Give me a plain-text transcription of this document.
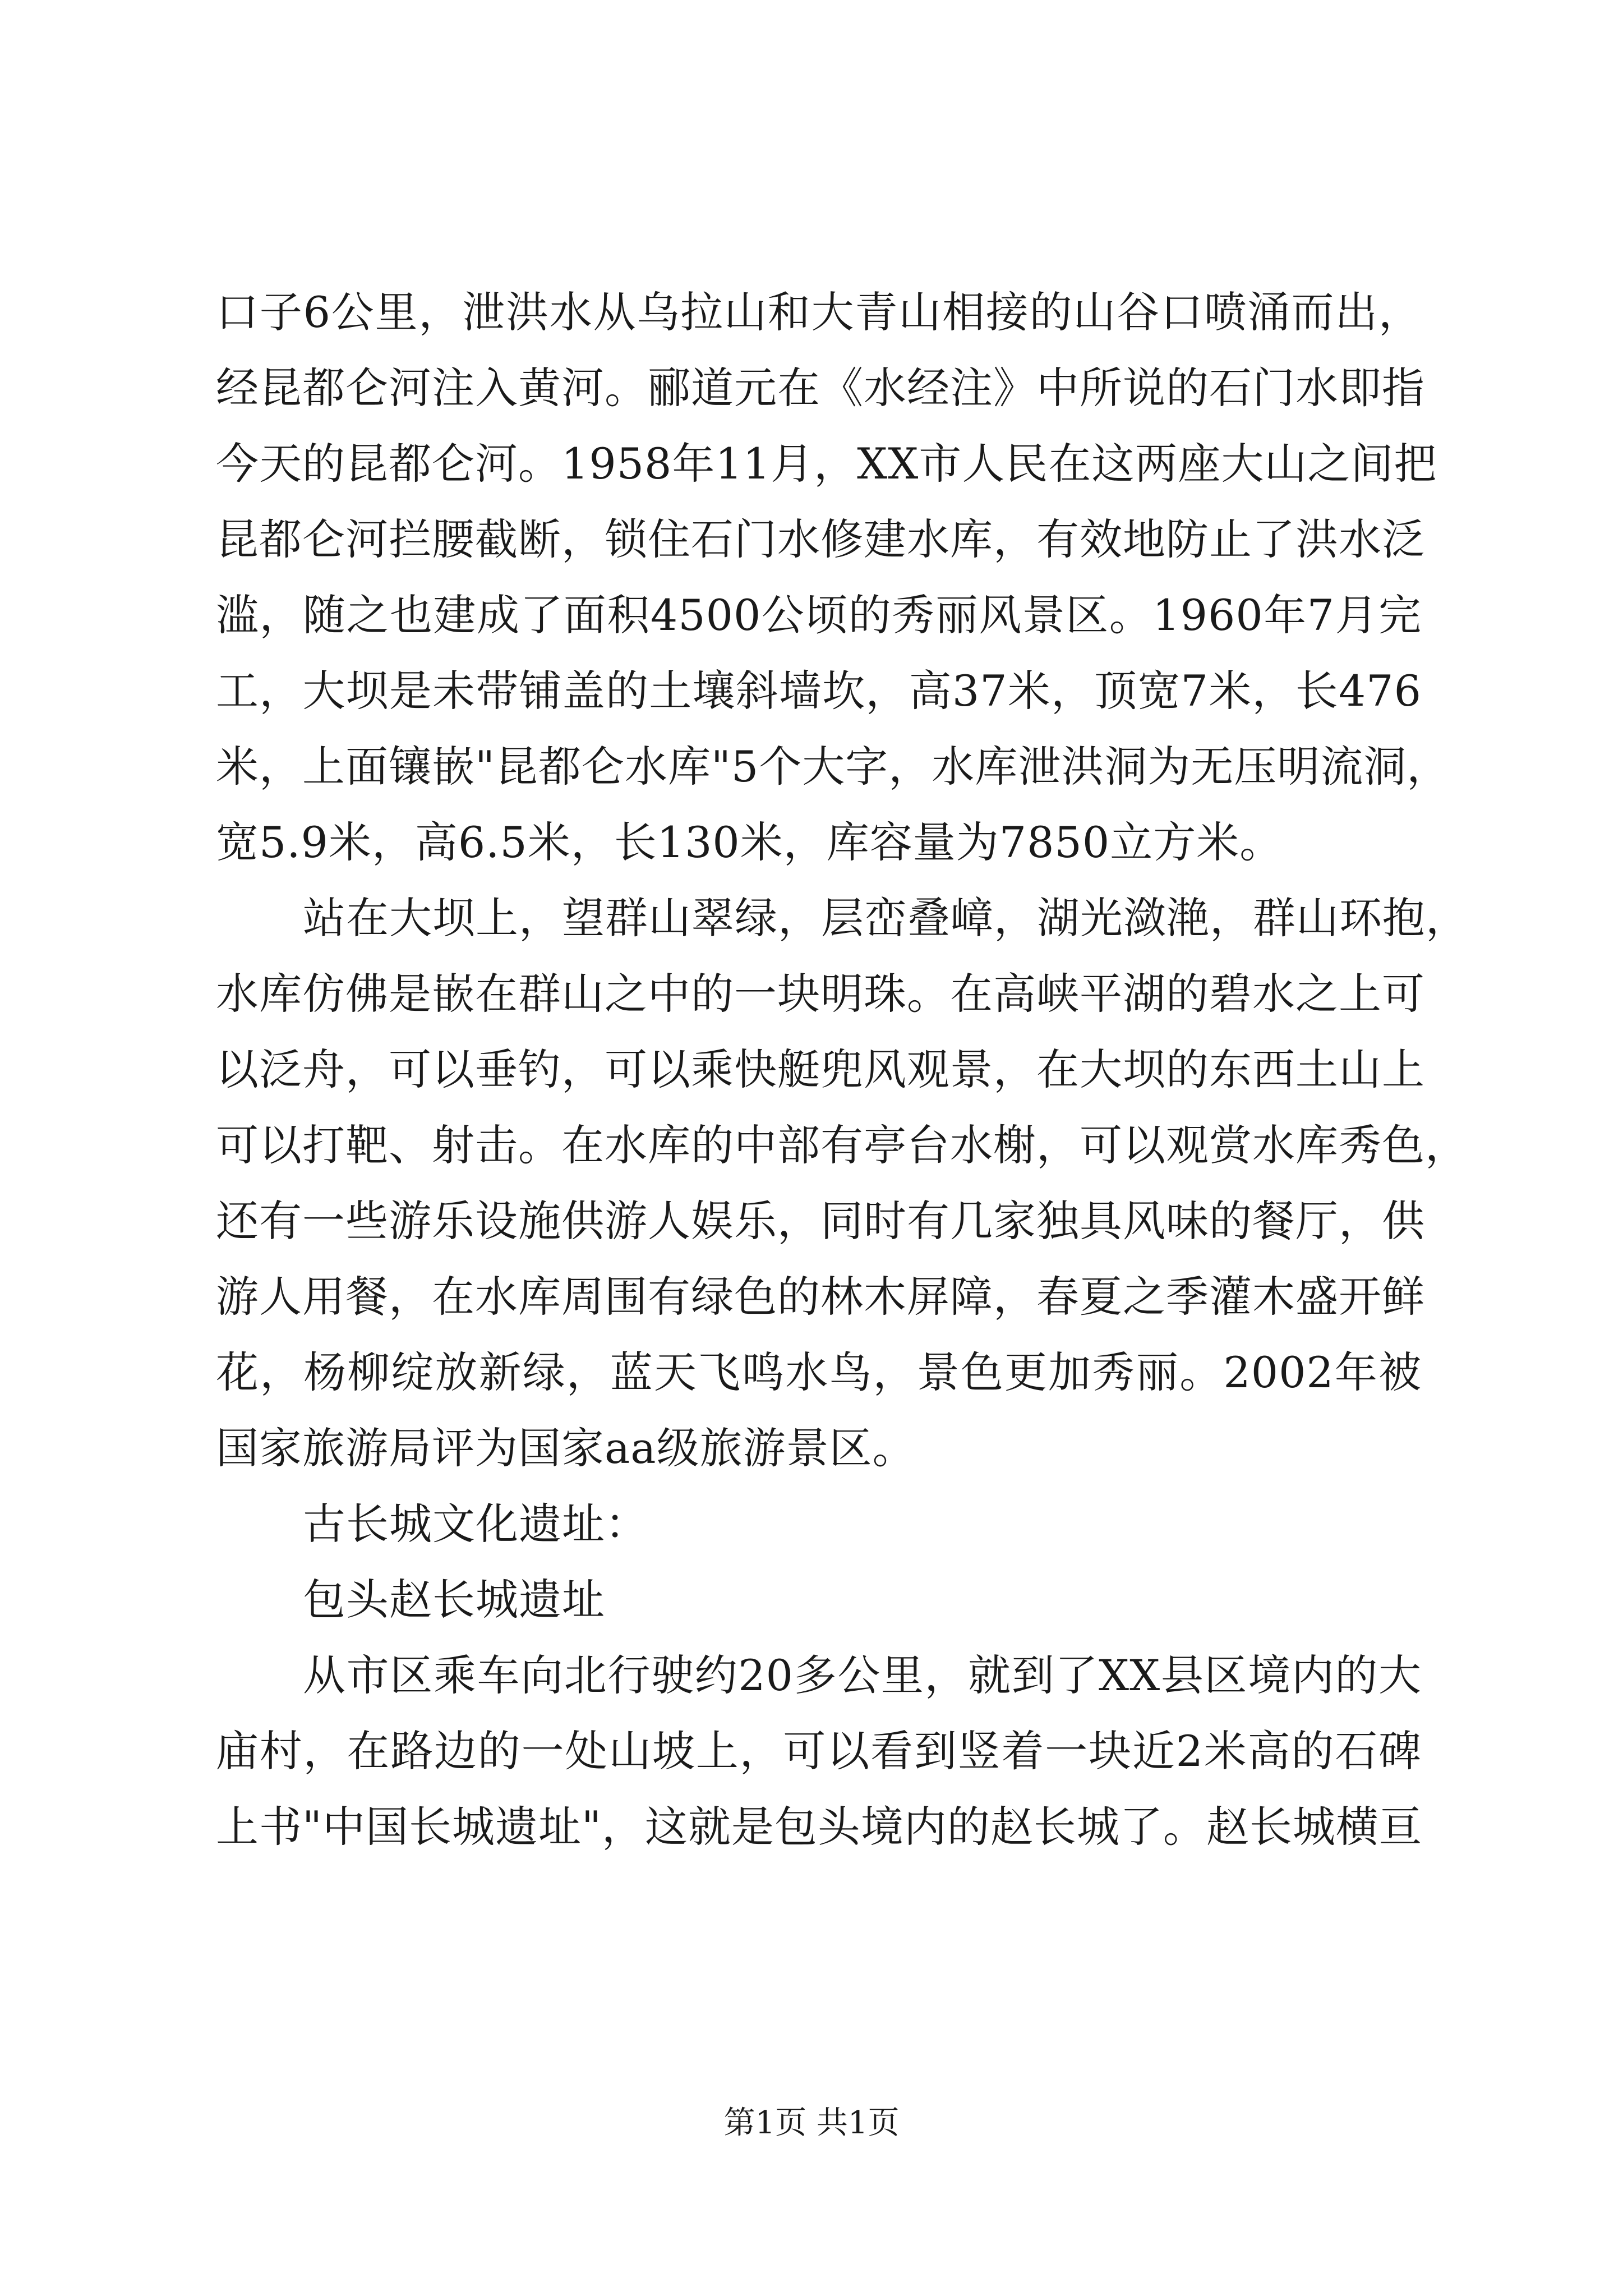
口子6公里，泄洪水从乌拉山和大青山相接的山谷口喷涌而出，
经昆都仑河注入黄河。郦道元在《水经注》中所说的石门水即指
今天的昆都仑河。1958年11月，XX市人民在这两座大山之间把
昆都仑河拦腰截断，锁住石门水修建水库，有效地防止了洪水泛
滥，随之也建成了面积4500公顷的秀丽风景区。1960年7月完
工，大坝是未带铺盖的土壤斜墙坎，高37米，顶宽7米，长476
米，上面镶嵌"昆都仑水库"5个大字，水库泄洪洞为无压明流洞，
宽5.9米，高6.5米，长130米，库容量为7850立方米。
站在大坝上，望群山翠绿，层峦叠嶂，湖光潋滟，群山环抱，
水库仿佛是嵌在群山之中的一块明珠。在高峡平湖的碧水之上可
以泛舟，可以垂钓，可以乘快艇兜风观景，在大坝的东西土山上
可以打靶、射击。在水库的中部有亭台水榭，可以观赏水库秀色，
还有一些游乐设施供游人娱乐，同时有几家独具风味的餐厅，供
游人用餐，在水库周围有绿色的林木屏障，春夏之季灌木盛开鲜
花，杨柳绽放新绿，蓝天飞鸣水鸟，景色更加秀丽。2002年被
国家旅游局评为国家aa级旅游景区。
古长城文化遗址：
包头赵长城遗址
从市区乘车向北行驶约20多公里，就到了XX县区境内的大
庙村，在路边的一处山坡上，可以看到竖着一块近2米高的石碑
上书"中国长城遗址"，这就是包头境内的赵长城了。赵长城横亘
第1页 共1页
